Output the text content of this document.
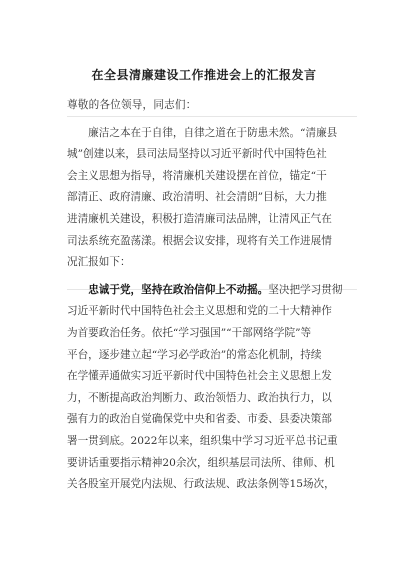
在全县清廉建设工作推进会上的汇报发言
尊敬的各位领导，同志们：
　　廉洁之本在于自律，自律之道在于防患未然。“清廉县
城”创建以来，县司法局坚持以习近平新时代中国特色社
会主义思想为指导，将清廉机关建设摆在首位，锚定“干
部清正、政府清廉、政治清明、社会清朗”目标，大力推
进清廉机关建设，积极打造清廉司法品牌，让清风正气在
司法系统充盈荡漾。根据会议安排，现将有关工作进展情
况汇报如下：
　　忠诚于党，坚持在政治信仰上不动摇。坚决把学习贯彻
习近平新时代中国特色社会主义思想和党的二十大精神作
为首要政治任务。依托“学习强国”“干部网络学院”等
平台，逐步建立起“学习必学政治”的常态化机制，持续
在学懂弄通做实习近平新时代中国特色社会主义思想上发
力，不断提高政治判断力、政治领悟力、政治执行力，以
强有力的政治自觉确保党中央和省委、市委、县委决策部
署一贯到底。2022年以来，组织集中学习习近平总书记重
要讲话重要指示精神20余次，组织基层司法所、律师、机
关各股室开展党内法规、行政法规、政法条例等15场次，
